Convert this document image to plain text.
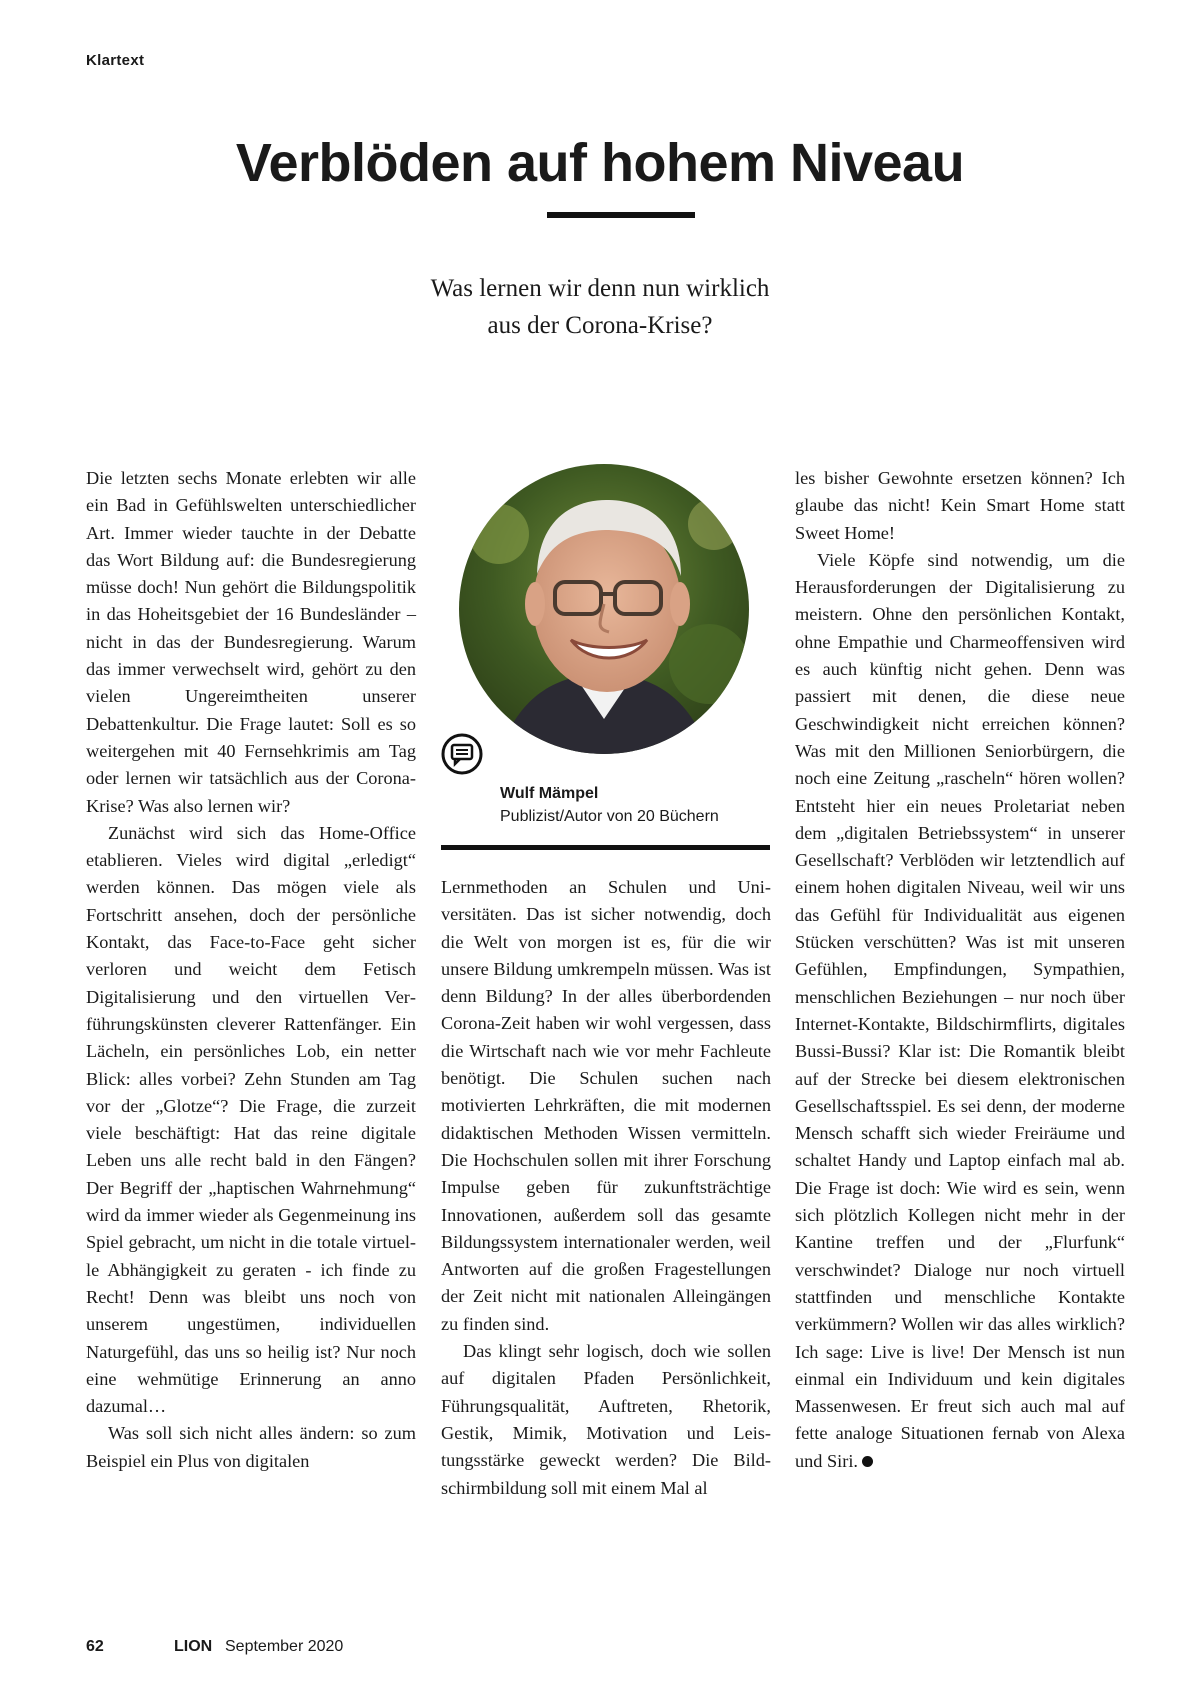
Klartext
Verblöden auf hohem Niveau
Was lernen wir denn nun wirklich
aus der Corona-Krise?

Die letzten sechs Monate erlebten wir alle ein Bad in Gefühlswelten unterschiedlicher Art. Immer wieder tauchte in der Debatte das Wort Bildung auf: die Bundesregierung müsse doch! Nun gehört die Bildungspolitik in das Hoheitsgebiet der 16 Bundesländer – nicht in das der Bundesregierung. Warum das immer verwechselt wird, gehört zu den vielen Ungereimtheiten unserer Debattenkultur. Die Frage lautet: Soll es so weitergehen mit 40 Fernsehkrimis am Tag oder lernen wir tatsächlich aus der Corona-Krise? Was also lernen wir?

Zunächst wird sich das Home-Office etablieren. Vieles wird digital „erledigt“ werden können. Das mögen viele als Fortschritt ansehen, doch der persönliche Kontakt, das Face-to-Face geht sicher verloren und weicht dem Fetisch Digitalisierung und den virtuellen Verführungskünsten cleverer Rattenfänger. Ein Lächeln, ein persönliches Lob, ein netter Blick: alles vorbei? Zehn Stunden am Tag vor der „Glotze“? Die Frage, die zurzeit viele beschäftigt: Hat das reine digitale Leben uns alle recht bald in den Fängen? Der Begriff der „haptischen Wahrnehmung“ wird da immer wieder als Gegenmeinung ins Spiel gebracht, um nicht in die totale virtuelle Abhängigkeit zu geraten - ich finde zu Recht! Denn was bleibt uns noch von unserem ungestümen, individuellen Naturgefühl, das uns so heilig ist? Nur noch eine wehmütige Erinnerung an anno dazumal…

Was soll sich nicht alles ändern: so zum Beispiel ein Plus von digitalen

Wulf Mämpel
Publizist/Autor von 20 Büchern

Lernmethoden an Schulen und Universitäten. Das ist sicher notwendig, doch die Welt von morgen ist es, für die wir unsere Bildung umkrempeln müssen. Was ist denn Bildung? In der alles überbordenden Corona-Zeit haben wir wohl vergessen, dass die Wirtschaft nach wie vor mehr Fachleute benötigt. Die Schulen suchen nach motivierten Lehrkräften, die mit modernen didaktischen Methoden Wissen vermitteln. Die Hochschulen sollen mit ihrer Forschung Impulse geben für zukunftsträchtige Innovationen, außerdem soll das gesamte Bildungssystem internationaler werden, weil Antworten auf die großen Fragestellungen der Zeit nicht mit nationalen Alleingängen zu finden sind.

Das klingt sehr logisch, doch wie sollen auf digitalen Pfaden Persönlichkeit, Führungsqualität, Auftreten, Rhetorik, Gestik, Mimik, Motivation und Leistungsstärke geweckt werden? Die Bildschirmbildung soll mit einem Mal al

les bisher Gewohnte ersetzen können? Ich glaube das nicht! Kein Smart Home statt Sweet Home!

Viele Köpfe sind notwendig, um die Herausforderungen der Digitalisierung zu meistern. Ohne den persönlichen Kontakt, ohne Empathie und Charmeoffensiven wird es auch künftig nicht gehen. Denn was passiert mit denen, die diese neue Geschwindigkeit nicht erreichen können? Was mit den Millionen Seniorbürgern, die noch eine Zeitung „rascheln“ hören wollen? Entsteht hier ein neues Proletariat neben dem „digitalen Betriebssystem“ in unserer Gesellschaft? Verblöden wir letztendlich auf einem hohen digitalen Niveau, weil wir uns das Gefühl für Individualität aus eigenen Stücken verschütten? Was ist mit unseren Gefühlen, Empfindungen, Sympathien, menschlichen Beziehungen – nur noch über Internet-Kontakte, Bildschirmflirts, digitales Bussi-Bussi? Klar ist: Die Romantik bleibt auf der Strecke bei diesem elektronischen Gesellschaftsspiel. Es sei denn, der moderne Mensch schafft sich wieder Freiräume und schaltet Handy und Laptop einfach mal ab. Die Frage ist doch: Wie wird es sein, wenn sich plötzlich Kollegen nicht mehr in der Kantine treffen und der „Flurfunk“ verschwindet? Dialoge nur noch virtuell stattfinden und menschliche Kontakte verkümmern? Wollen wir das alles wirklich? Ich sage: Live is live! Der Mensch ist nun einmal ein Individuum und kein digitales Massenwesen. Er freut sich auch mal auf fette analoge Situationen fernab von Alexa und Siri.

62	LION September 2020
